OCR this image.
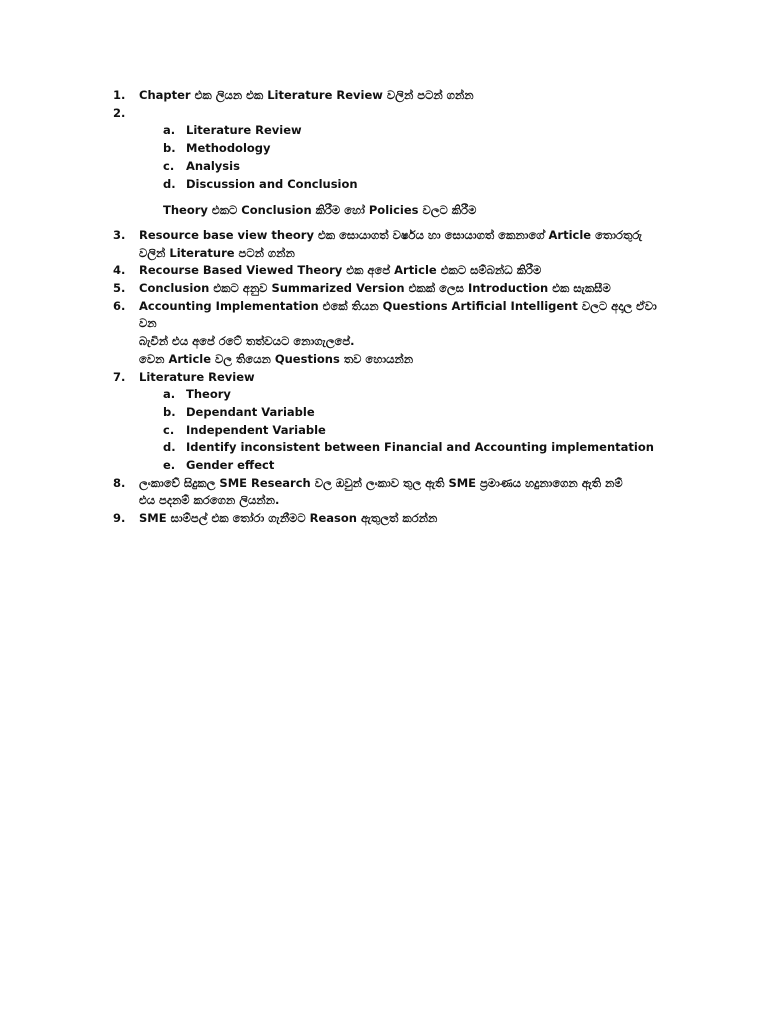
1.	Chapter එක ලියන එක Literature Review වලින් පටන් ගන්න
2.
a. Literature Review
b. Methodology
c.	Analysis
d. Discussion and Conclusion
Theory එකට Conclusion කිරීම හෝ Policies වලට කිරීම
3.	Resource base view theory එක සොයාගත් වර්ෂය හා සොයාගත් කෙනාගේ Article තොරතුරු
වලින් Literature පටන් ගන්න
4.	Recourse Based Viewed Theory එක අපේ Article එකට සම්බන්ධ කිරීම
5.	Conclusion එකට අනුව Summarized Version එකක් ලෙස Introduction එක සැකසීම
6.	Accounting Implementation එකේ තියන Questions Artificial Intelligent වලට අදාල ඒවා වන
බැවින් එය අපේ රටේ තත්වයට නොගැලපේ.
වෙන Article වල තියෙන Questions තව හොයන්න
7.	Literature Review
a. Theory
b. Dependant Variable
c.	Independent Variable
d. Identify inconsistent between Financial and Accounting implementation
e. Gender effect
8.	ලංකාවේ සිදුකල SME Research වල ඔවුන් ලංකාව තුල ඇති SME ප්‍රමාණය හදුනාගෙන ඇති නම්
එය පදනම් කරගෙන ලියන්න.
9.	SME සාම්පල් එක තෝරා ගැනීමට Reason ඇතුලත් කරන්න
